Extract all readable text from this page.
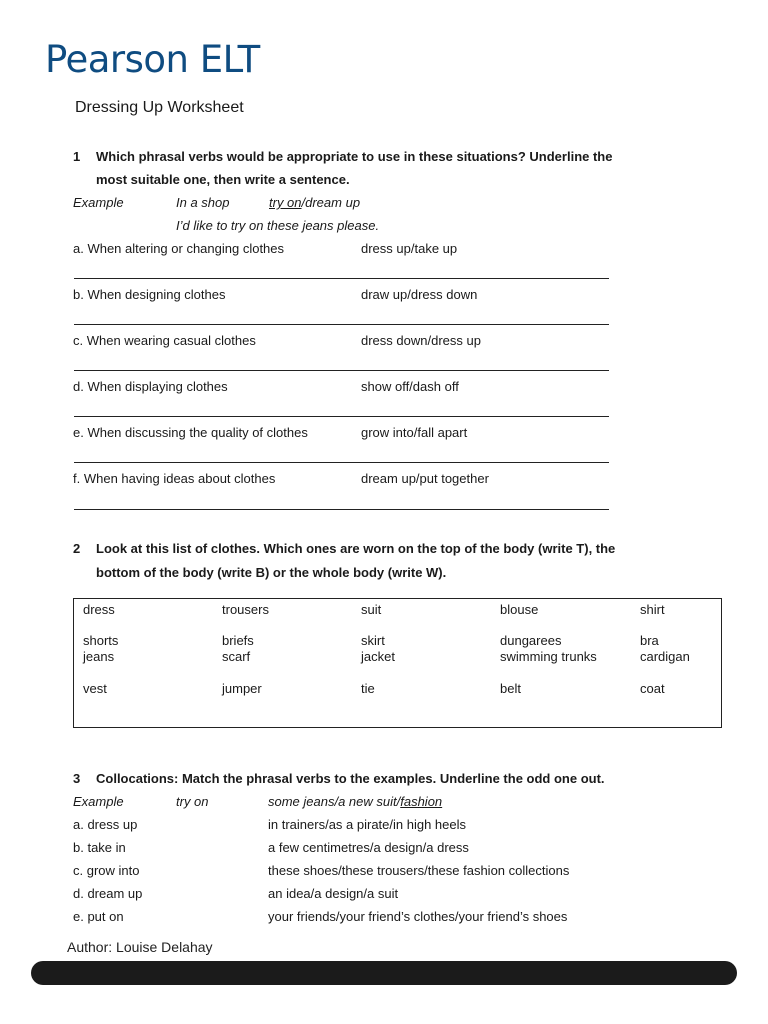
Pearson ELT
Dressing Up Worksheet
1 Which phrasal verbs would be appropriate to use in these situations? Underline the
most suitable one, then write a sentence.
Example	In a shop	try on/dream up
I’d like to try on these jeans please.
a. When altering or changing clothes	dress up/take up
b. When designing clothes	draw up/dress down
c. When wearing casual clothes	dress down/dress up
d. When displaying clothes	show off/dash off
e. When discussing the quality of clothes	grow into/fall apart
f. When having ideas about clothes	dream up/put together
2 Look at this list of clothes. Which ones are worn on the top of the body (write T), the
bottom of the body (write B) or the whole body (write W).
dress	trousers	suit	blouse	shirt
shorts	briefs	skirt	dungarees	bra
jeans	scarf	jacket	swimming trunks	cardigan
vest	jumper	tie	belt	coat
3 Collocations: Match the phrasal verbs to the examples. Underline the odd one out.
Example	try on	some jeans/a new suit/fashion
a. dress up	in trainers/as a pirate/in high heels
b. take in	a few centimetres/a design/a dress
c. grow into	these shoes/these trousers/these fashion collections
d. dream up	an idea/a design/a suit
e. put on	your friends/your friend’s clothes/your friend’s shoes
Author: Louise Delahay
